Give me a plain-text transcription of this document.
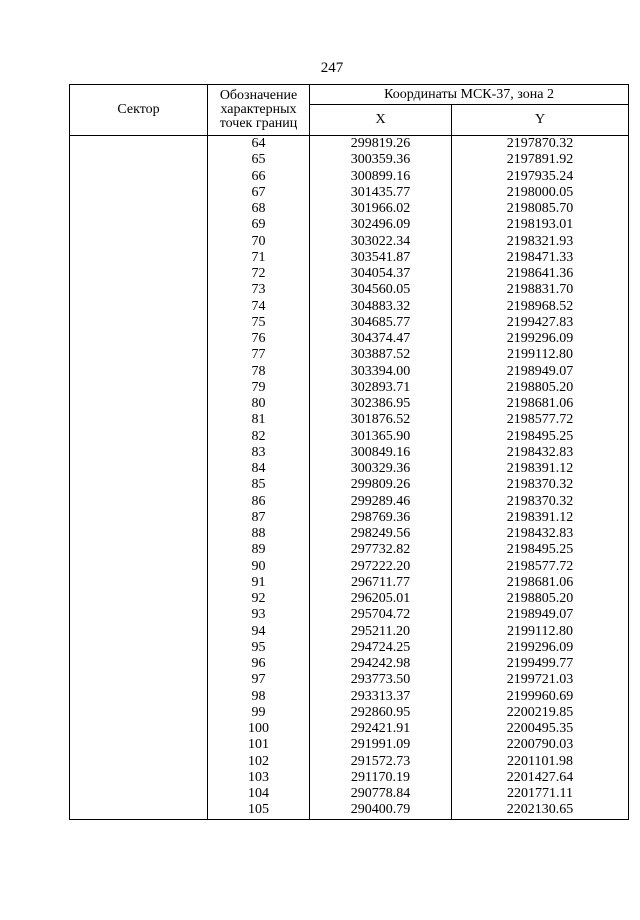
247
Сектор	Обозначение
характерных
точек границ	Координаты МСК-37, зона 2	
		X	Y
	64	299819.26	2197870.32
	65	300359.36	2197891.92
	66	300899.16	2197935.24
	67	301435.77	2198000.05
	68	301966.02	2198085.70
	69	302496.09	2198193.01
	70	303022.34	2198321.93
	71	303541.87	2198471.33
	72	304054.37	2198641.36
	73	304560.05	2198831.70
	74	304883.32	2198968.52
	75	304685.77	2199427.83
	76	304374.47	2199296.09
	77	303887.52	2199112.80
	78	303394.00	2198949.07
	79	302893.71	2198805.20
	80	302386.95	2198681.06
	81	301876.52	2198577.72
	82	301365.90	2198495.25
	83	300849.16	2198432.83
	84	300329.36	2198391.12
	85	299809.26	2198370.32
	86	299289.46	2198370.32
	87	298769.36	2198391.12
	88	298249.56	2198432.83
	89	297732.82	2198495.25
	90	297222.20	2198577.72
	91	296711.77	2198681.06
	92	296205.01	2198805.20
	93	295704.72	2198949.07
	94	295211.20	2199112.80
	95	294724.25	2199296.09
	96	294242.98	2199499.77
	97	293773.50	2199721.03
	98	293313.37	2199960.69
	99	292860.95	2200219.85
	100	292421.91	2200495.35
	101	291991.09	2200790.03
	102	291572.73	2201101.98
	103	291170.19	2201427.64
	104	290778.84	2201771.11
	105	290400.79	2202130.65
